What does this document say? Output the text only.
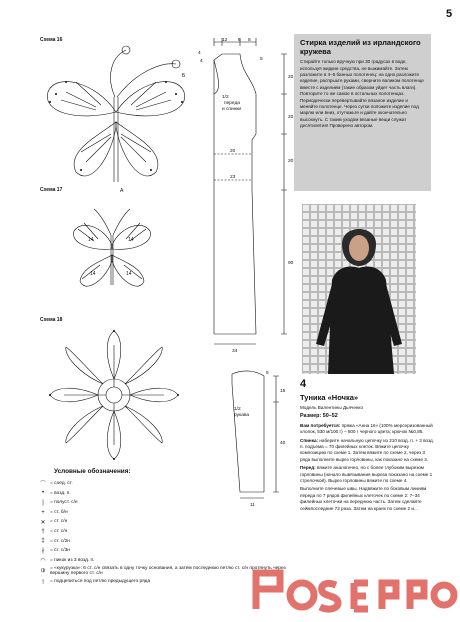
5
Схема 16
Схема 17
Схема 18
Б
А
14	14
14	14
12 6 8
4
20
20
20
90
5
4
20
23
34
15
40
11
5
1/2
переда
и спинки
1/2
рукава
Стирка изделий из ирландского кружева
Стирайте только вручную при 30 градусах в воде, используя жидкие средства, не выжимайте. Затем разложите в 4–5 банных полотенец: на одно разложите изделие, распрыьте руками, сверните валиком полотенце вместе с изделием (такие образом уйдет часть влаги). Повторите то же самое в остальных полотенцах. Периодически перевертывайте вязаное изделие и меняйте полотенце. Через сутки положите изделие под марлю или вниз, отутюжьте и дайте окончательно высохнуть. С таким уходом вязаные вещи служат десятилетия! Проверено автором.
4
Туника «Ночка»

Модель Валентины Дьяченко

Размер: 50–52

Вам потребуется: пряжа «Анна 16» (100% мерсеризованный хлопок, 530 м/100 г) – 500 г черного цвета; крючок №0,85.

Спинка: наберите начальную цепочку из 210 возд. п. + 3 возд. п. подъема = 70 филейных клеток. Вяжите цепочку композицию по схеме 1. Затем вяжите по схеме 2, через 3 ряда выполните вырез горловины, как показано на схеме 3.

Перед: вяжите аналогично, но с более глубоким вырезом горловины (начало вывязывания выреза показано на схеме 1 стрелочкой). Вырез горловины вяжите по схеме 4.

Выполните плечевые швы. Надвяжите по боковым линиям переда по 7 рядов филейных клеточек по схеме 2: 7–34 филейных клеточки на переднюю часть. Затем сделайте сеймпоследние 72 раза. Затем на краях по схеме 2 и...

Условные обозначения:
⌒ = соед. ст.
•	= возд. п.
|	= полуст. с/н
+	= ст. б/н
✕ = ст. с/н
†	= ст. с/н
‡	= ст. с/2н
∤	= ст. с/3н
◠ = пикок из 3 возд. п.
⦶	= «кукурузка»: 6 ст. с/н связать в одну точку основания, а затем последнюю петлю ст. с/н протянуть через вершину первого ст. с/н
⊺	= подцепиться под петлю предыдущего ряда
